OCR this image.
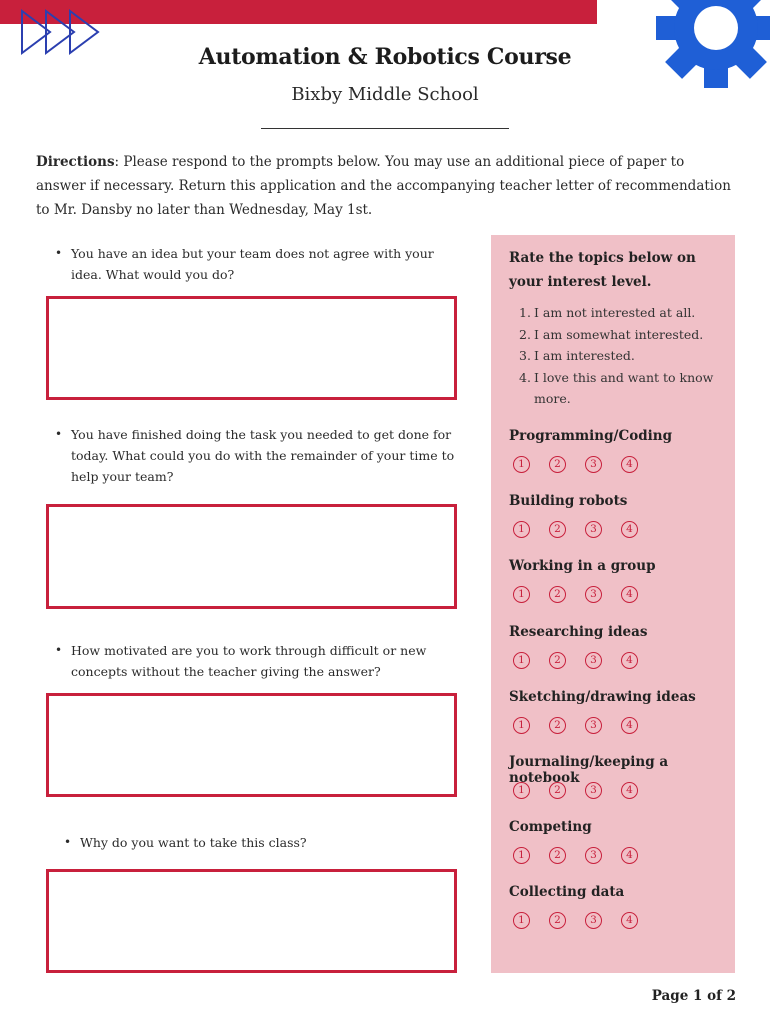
Automation & Robotics Course
Bixby Middle School
Directions: Please respond to the prompts below. You may use an additional piece of paper to answer if necessary. Return this application and the accompanying teacher letter of recommendation to Mr. Dansby no later than Wednesday, May 1st.
• You have an idea but your team does not agree with your idea. What would you do?
• You have finished doing the task you needed to get done for today. What could you do with the remainder of your time to help your team?
• How motivated are you to work through difficult or new concepts without the teacher giving the answer?
• Why do you want to take this class?
Rate the topics below on your interest level.
1. I am not interested at all.
2. I am somewhat interested.
3. I am interested.
4. I love this and want to know more.
Programming/Coding
1	2	3	4
Building robots
1	2	3	4
Working in a group
1	2	3	4
Researching ideas
1	2	3	4
Sketching/drawing ideas
1	2	3	4
Journaling/keeping a notebook
1	2	3	4
Competing
1	2	3	4
Collecting data
1	2	3	4
Page 1 of 2
